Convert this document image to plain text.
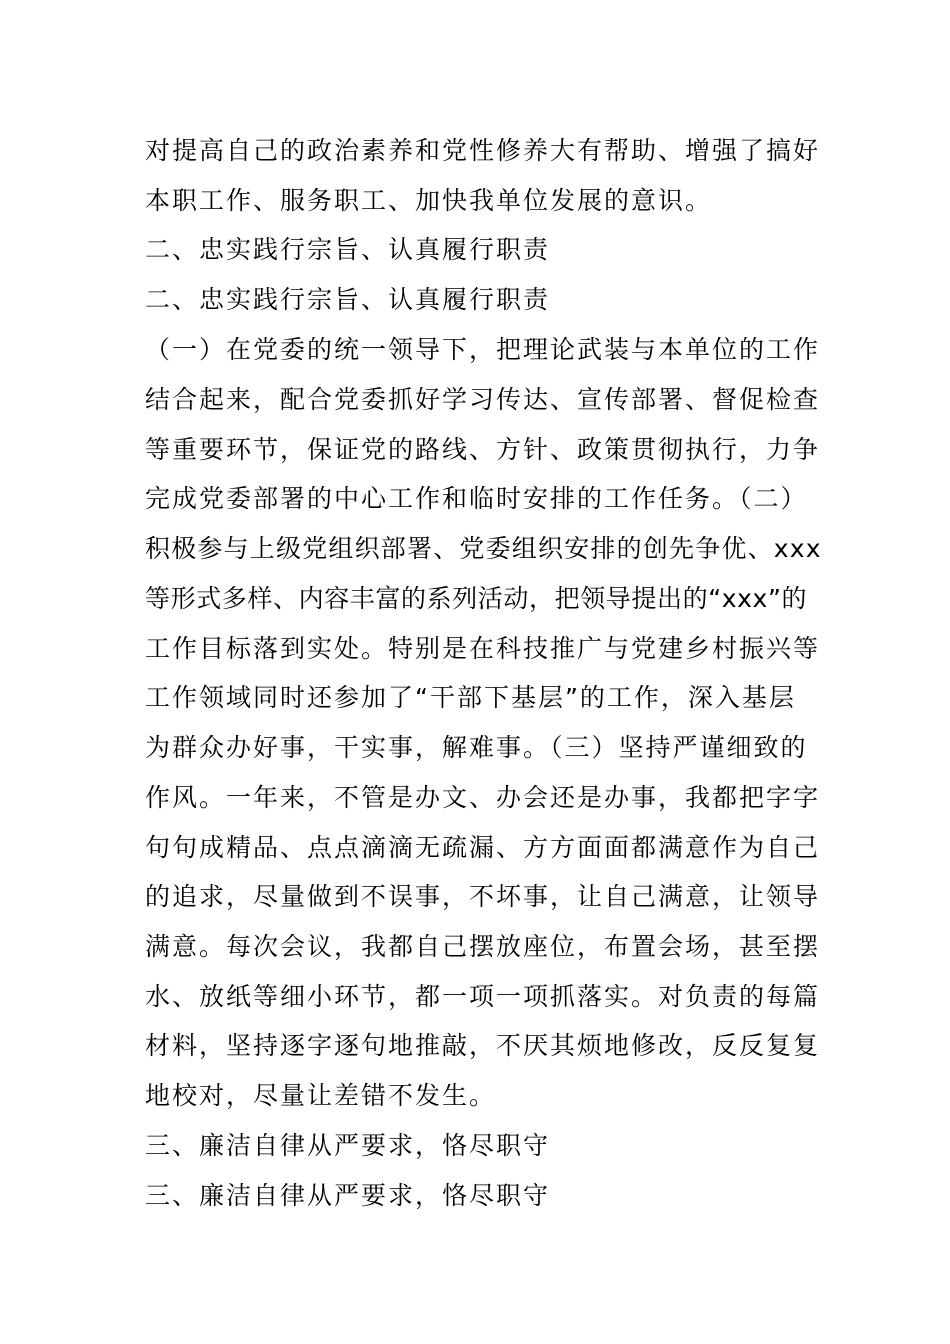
对提高自己的政治素养和党性修养大有帮助、增强了搞好
本职工作、服务职工、加快我单位发展的意识。
二、忠实践行宗旨、认真履行职责
二、忠实践行宗旨、认真履行职责
（一）在党委的统一领导下，把理论武装与本单位的工作
结合起来，配合党委抓好学习传达、宣传部署、督促检查
等重要环节，保证党的路线、方针、政策贯彻执行，力争
完成党委部署的中心工作和临时安排的工作任务。（二）
积极参与上级党组织部署、党委组织安排的创先争优、xxx
等形式多样、内容丰富的系列活动，把领导提出的“xxx”的
工作目标落到实处。特别是在科技推广与党建乡村振兴等
工作领域同时还参加了“干部下基层”的工作，深入基层
为群众办好事，干实事，解难事。（三）坚持严谨细致的
作风。一年来，不管是办文、办会还是办事，我都把字字
句句成精品、点点滴滴无疏漏、方方面面都满意作为自己
的追求，尽量做到不误事，不坏事，让自己满意，让领导
满意。每次会议，我都自己摆放座位，布置会场，甚至摆
水、放纸等细小环节，都一项一项抓落实。对负责的每篇
材料，坚持逐字逐句地推敲，不厌其烦地修改，反反复复
地校对，尽量让差错不发生。
三、廉洁自律从严要求，恪尽职守
三、廉洁自律从严要求，恪尽职守
